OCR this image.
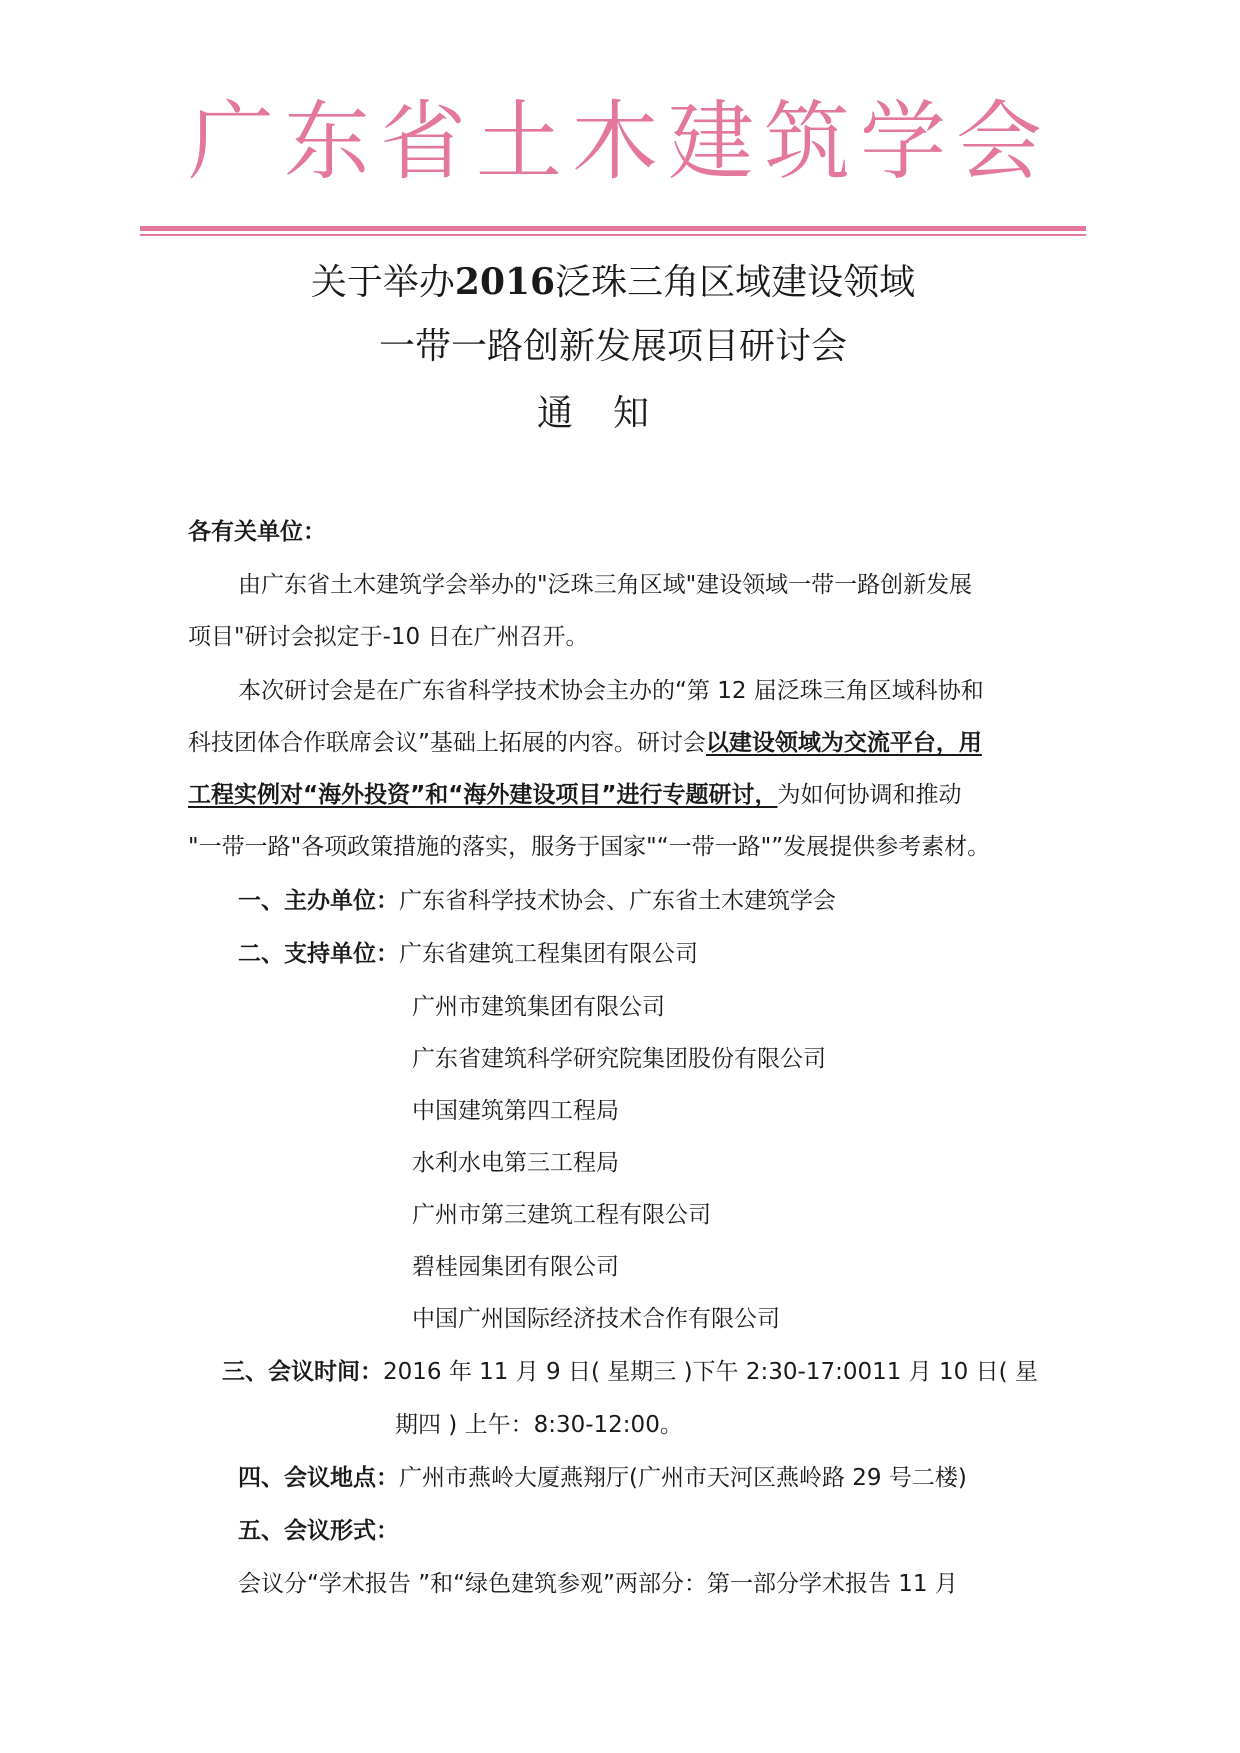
广东省土木建筑学会
关于举办2016泛珠三角区域建设领域
一带一路创新发展项目研讨会
通知
各有关单位：
由广东省土木建筑学会举办的"泛珠三角区域"建设领域一带一路创新发展
项目"研讨会拟定于-10 日在广州召开。
本次研讨会是在广东省科学技术协会主办的“第 12 届泛珠三角区域科协和
科技团体合作联席会议”基础上拓展的内容。研讨会以建设领域为交流平台，用
工程实例对“海外投资”和“海外建设项目”进行专题研讨，为如何协调和推动
"一带一路"各项政策措施的落实，服务于国家"“一带一路"”发展提供参考素材。
一、主办单位：广东省科学技术协会、广东省土木建筑学会
二、支持单位：广东省建筑工程集团有限公司
广州市建筑集团有限公司
广东省建筑科学研究院集团股份有限公司
中国建筑第四工程局
水利水电第三工程局
广州市第三建筑工程有限公司
碧桂园集团有限公司
中国广州国际经济技术合作有限公司
三、会议时间：2016 年 11 月 9 日( 星期三 )下午 2:30-17:0011 月 10 日( 星
期四 ) 上午：8:30-12:00。
四、会议地点：广州市燕岭大厦燕翔厅(广州市天河区燕岭路 29 号二楼)
五、会议形式：
会议分“学术报告 ”和“绿色建筑参观”两部分：第一部分学术报告 11 月
